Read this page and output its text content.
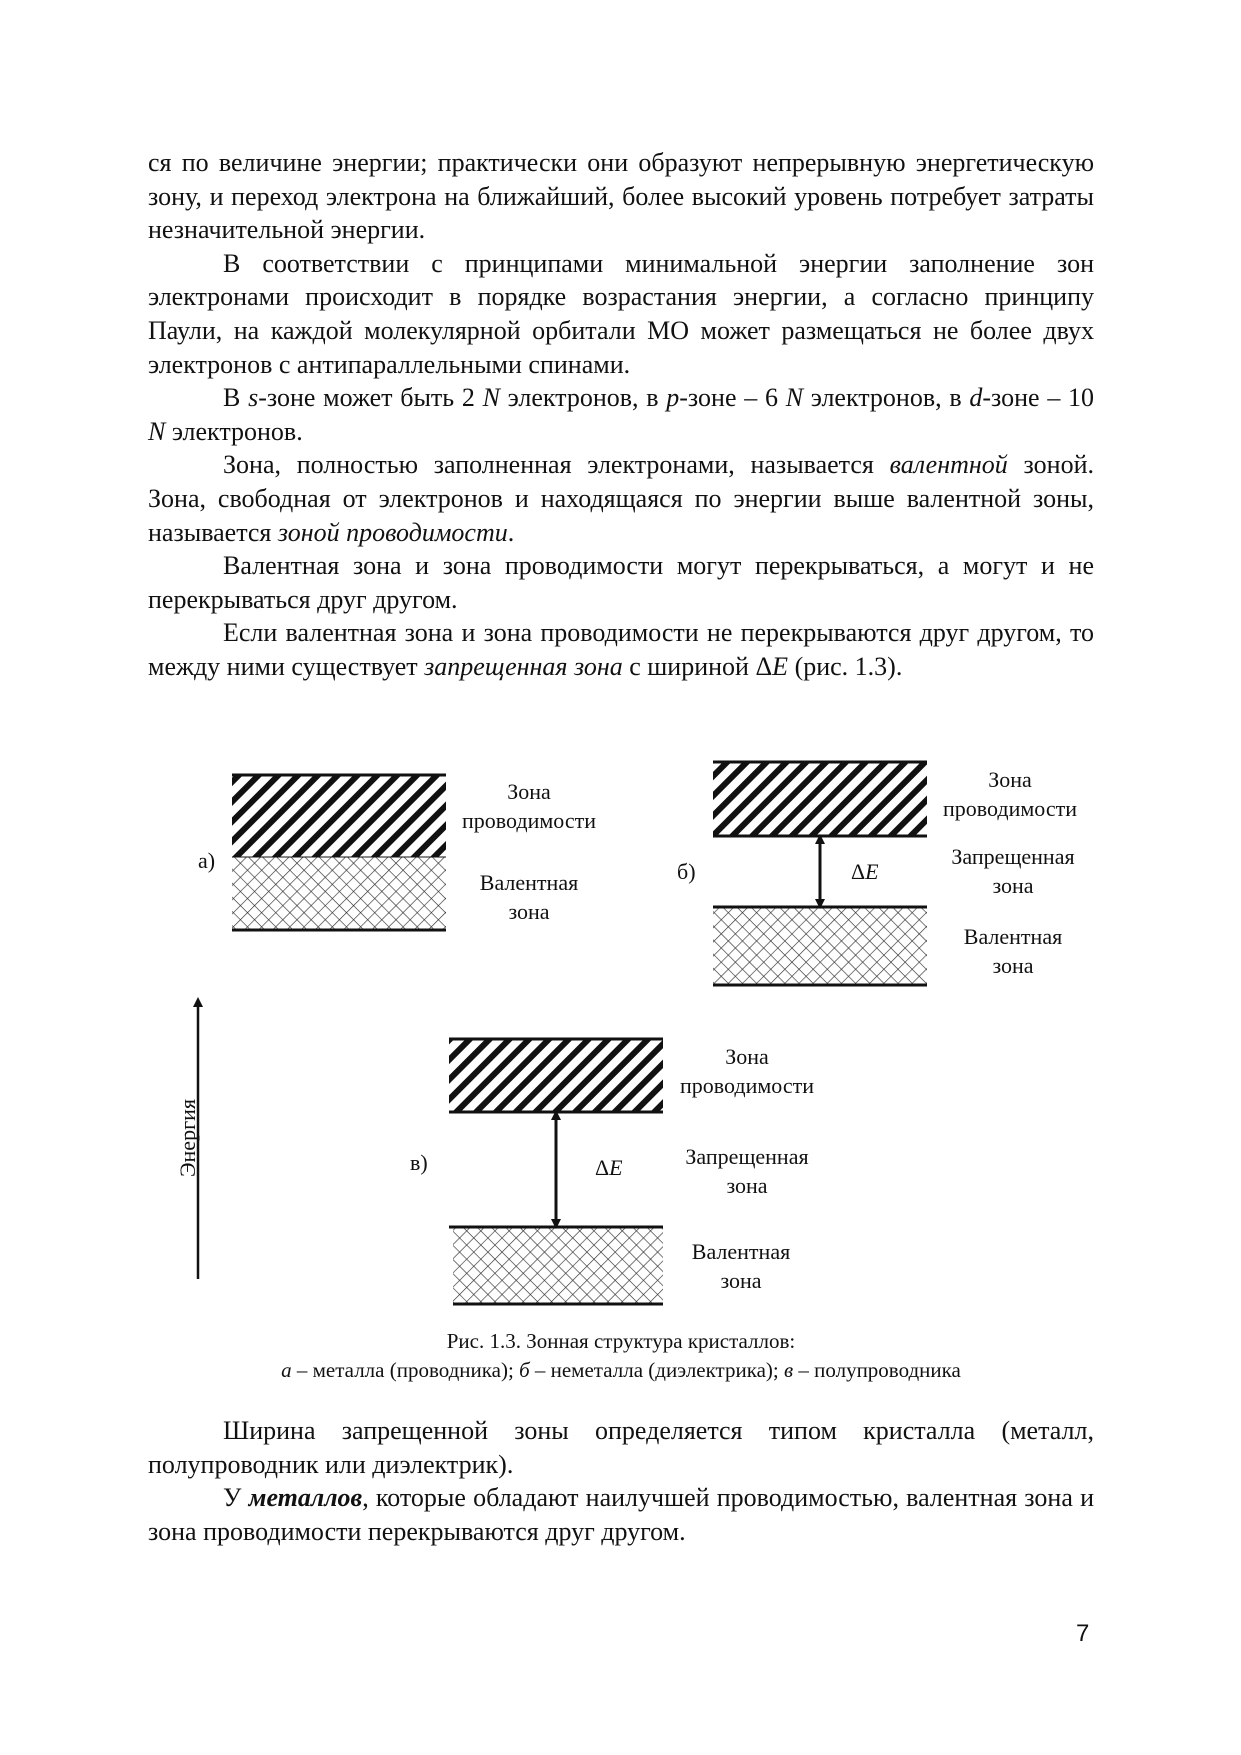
ся по величине энергии; практически они образуют непрерывную энергетическую зону, и переход электрона на ближайший, более высокий уровень потребует затраты незначительной энергии.

В соответствии с принципами минимальной энергии заполнение зон электронами происходит в порядке возрастания энергии, а согласно принципу Паули, на каждой молекулярной орбитали МО может размещаться не более двух электронов с антипараллельными спинами.

В s-зоне может быть 2 N электронов, в p-зоне – 6 N электронов, в d-зоне – 10 N электронов.

Зона, полностью заполненная электронами, называется валентной зоной. Зона, свободная от электронов и находящаяся по энергии выше валентной зоны, называется зоной проводимости.

Валентная зона и зона проводимости могут перекрываться, а могут и не перекрываться друг другом.

Если валентная зона и зона проводимости не перекрываются друг другом, то между ними существует запрещенная зона с шириной ΔE (рис. 1.3).

Энергия
а)
Зона
проводимости
Валентная
зона
б)	ΔE
Зона
проводимости
Запрещенная
зона
Валентная
зона
в)	ΔE
Зона
проводимости
Запрещенная
зона
Валентная
зона
Рис. 1.3. Зонная структура кристаллов:
а – металла (проводника); б – неметалла (диэлектрика); в – полупроводника

Ширина запрещенной зоны определяется типом кристалла (металл, полупроводник или диэлектрик).

У металлов, которые обладают наилучшей проводимостью, валентная зона и зона проводимости перекрываются друг другом.

7
